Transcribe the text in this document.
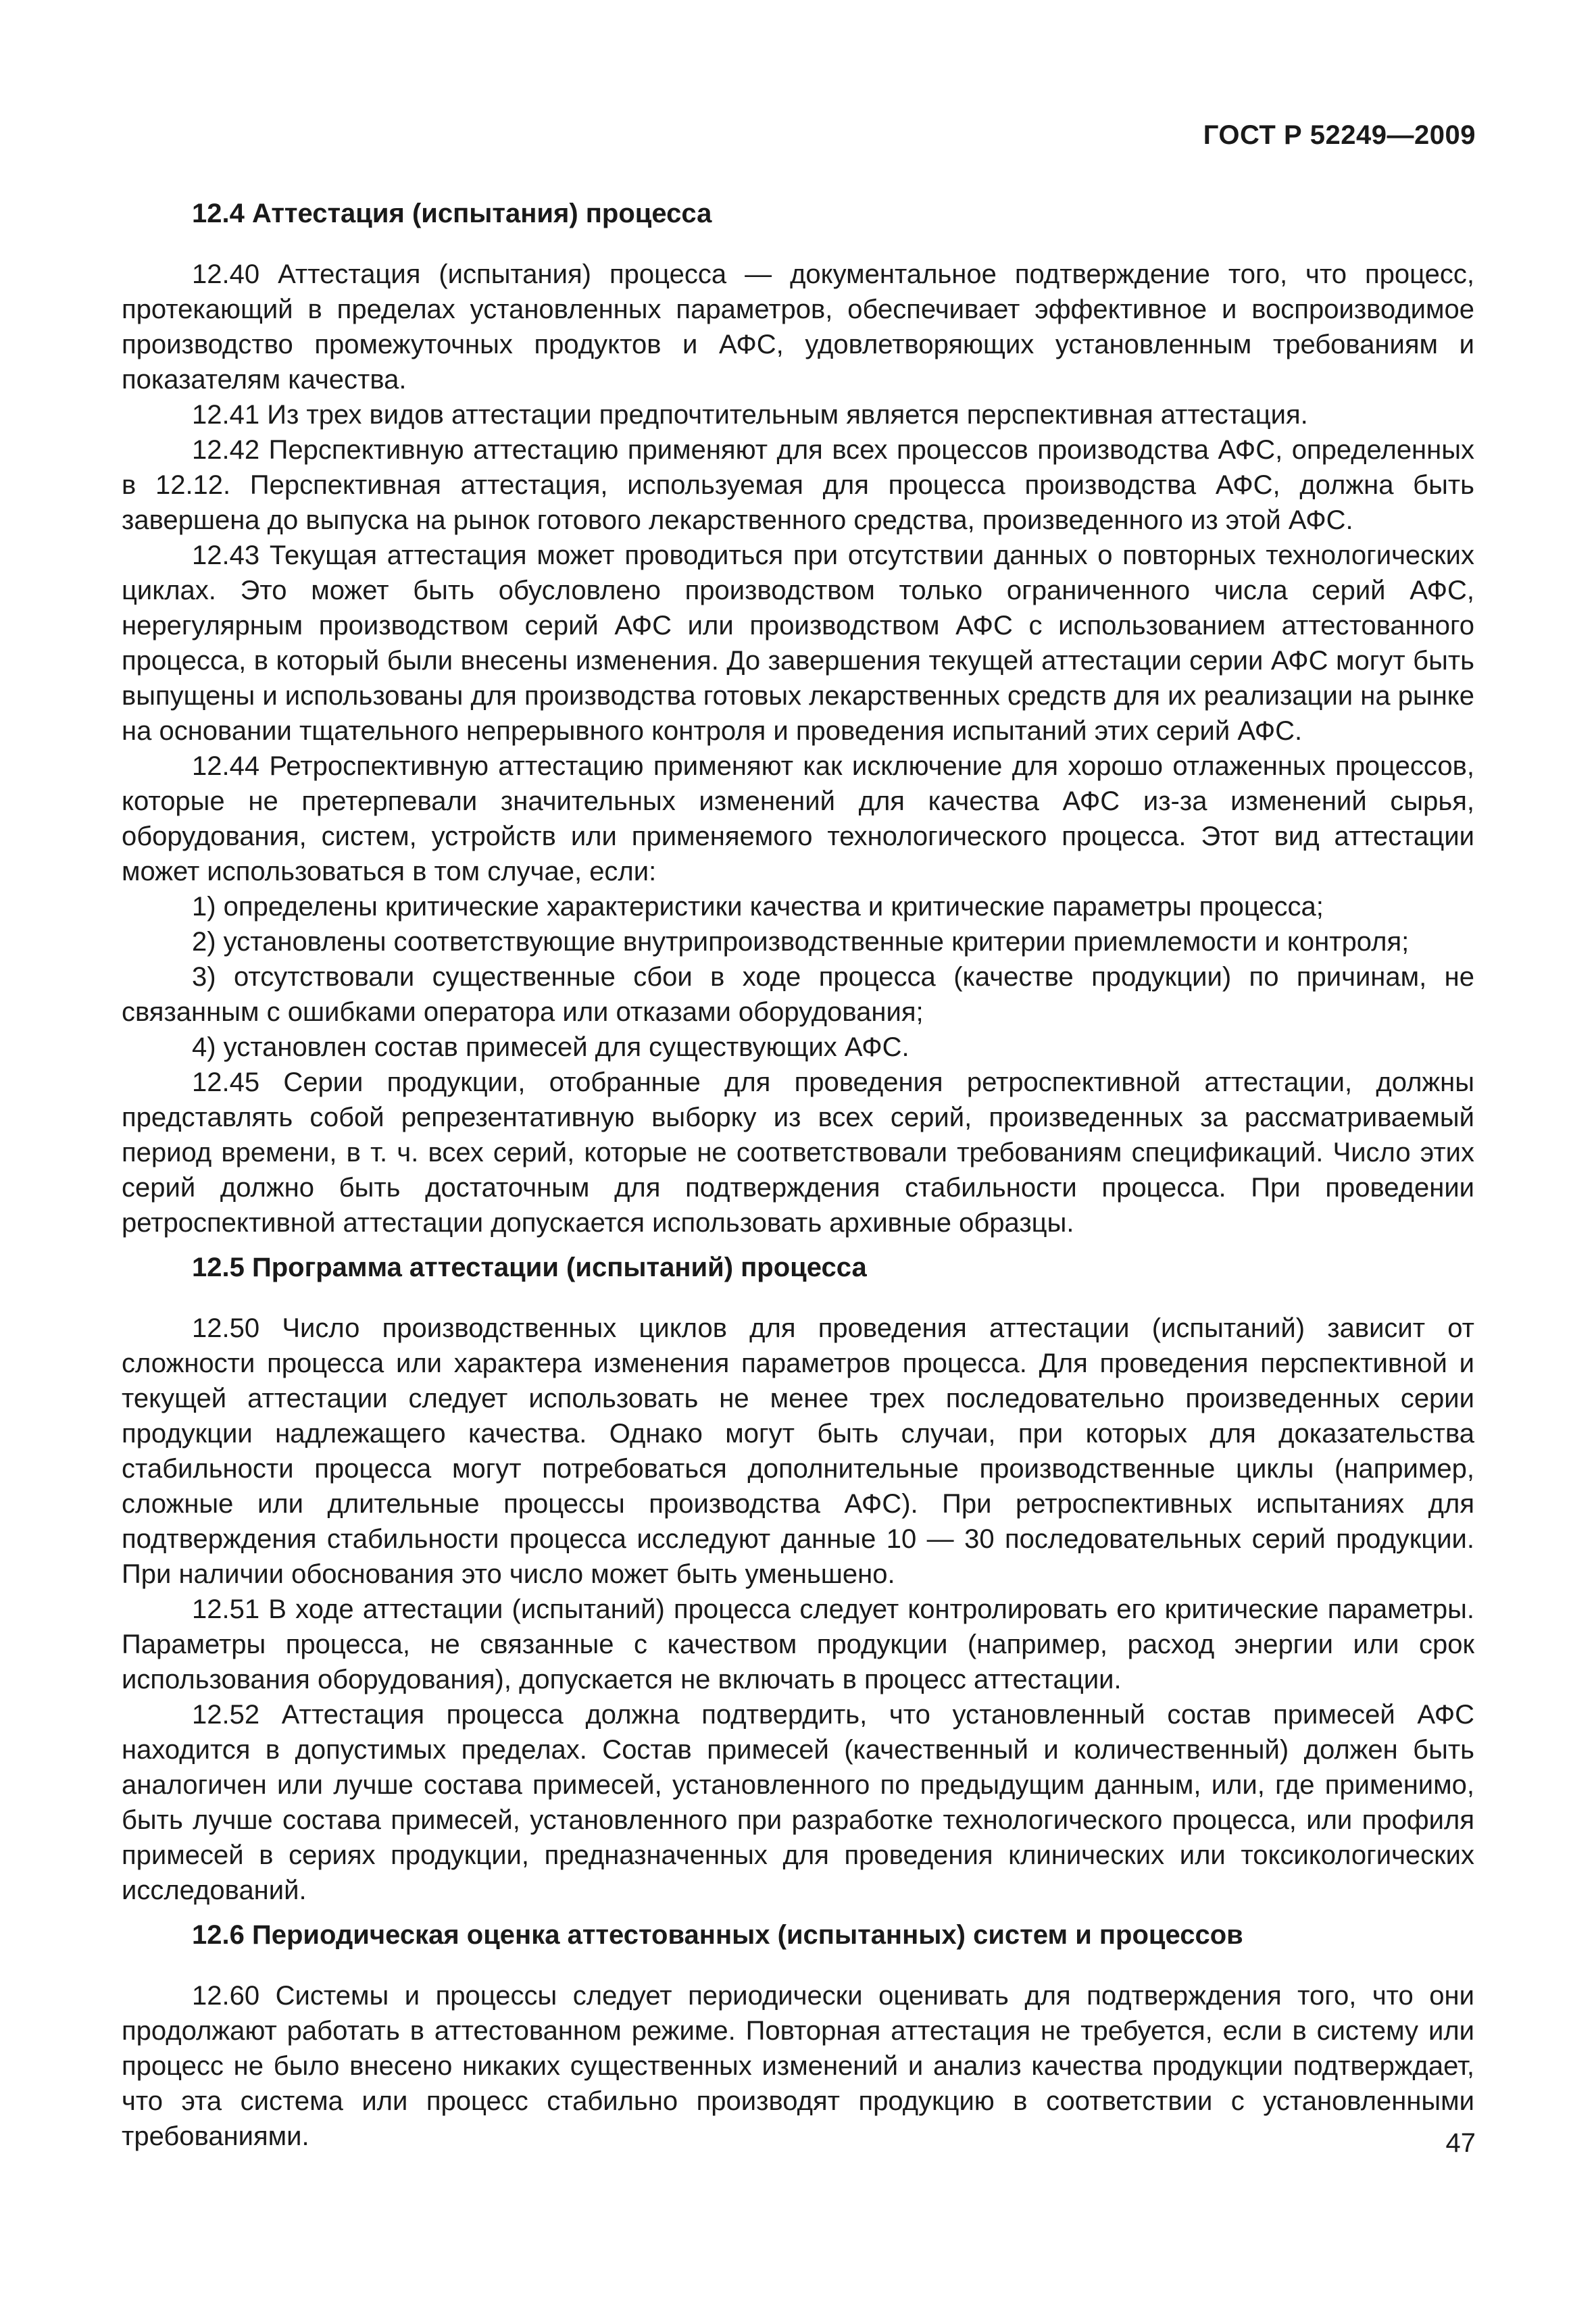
ГОСТ Р 52249—2009
12.4 Аттестация (испытания) процесса

12.40 Аттестация (испытания) процесса — документальное подтверждение того, что процесс, протекающий в пределах установленных параметров, обеспечивает эффективное и воспроизводимое производство промежуточных продуктов и АФС, удовлетворяющих установленным требованиям и показателям качества.

12.41 Из трех видов аттестации предпочтительным является перспективная аттестация.

12.42 Перспективную аттестацию применяют для всех процессов производства АФС, определенных в 12.12. Перспективная аттестация, используемая для процесса производства АФС, должна быть завершена до выпуска на рынок готового лекарственного средства, произведенного из этой АФС.

12.43 Текущая аттестация может проводиться при отсутствии данных о повторных технологических циклах. Это может быть обусловлено производством только ограниченного числа серий АФС, нерегулярным производством серий АФС или производством АФС с использованием аттестованного процесса, в который были внесены изменения. До завершения текущей аттестации серии АФС могут быть выпущены и использованы для производства готовых лекарственных средств для их реализации на рынке на основании тщательного непрерывного контроля и проведения испытаний этих серий АФС.

12.44 Ретроспективную аттестацию применяют как исключение для хорошо отлаженных процессов, которые не претерпевали значительных изменений для качества АФС из-за изменений сырья, оборудования, систем, устройств или применяемого технологического процесса. Этот вид аттестации может использоваться в том случае, если:

1) определены критические характеристики качества и критические параметры процесса;

2) установлены соответствующие внутрипроизводственные критерии приемлемости и контроля;

3) отсутствовали существенные сбои в ходе процесса (качестве продукции) по причинам, не связанным с ошибками оператора или отказами оборудования;

4) установлен состав примесей для существующих АФС.

12.45 Серии продукции, отобранные для проведения ретроспективной аттестации, должны представлять собой репрезентативную выборку из всех серий, произведенных за рассматриваемый период времени, в т. ч. всех серий, которые не соответствовали требованиям спецификаций. Число этих серий должно быть достаточным для подтверждения стабильности процесса. При проведении ретроспективной аттестации допускается использовать архивные образцы.

12.5 Программа аттестации (испытаний) процесса

12.50 Число производственных циклов для проведения аттестации (испытаний) зависит от сложности процесса или характера изменения параметров процесса. Для проведения перспективной и текущей аттестации следует использовать не менее трех последовательно произведенных серии продукции надлежащего качества. Однако могут быть случаи, при которых для доказательства стабильности процесса могут потребоваться дополнительные производственные циклы (например, сложные или длительные процессы производства АФС). При ретроспективных испытаниях для подтверждения стабильности процесса исследуют данные 10 — 30 последовательных серий продукции. При наличии обоснования это число может быть уменьшено.

12.51 В ходе аттестации (испытаний) процесса следует контролировать его критические параметры. Параметры процесса, не связанные с качеством продукции (например, расход энергии или срок использования оборудования), допускается не включать в процесс аттестации.

12.52 Аттестация процесса должна подтвердить, что установленный состав примесей АФС находится в допустимых пределах. Состав примесей (качественный и количественный) должен быть аналогичен или лучше состава примесей, установленного по предыдущим данным, или, где применимо, быть лучше состава примесей, установленного при разработке технологического процесса, или профиля примесей в сериях продукции, предназначенных для проведения клинических или токсикологических исследований.

12.6 Периодическая оценка аттестованных (испытанных) систем и процессов

12.60 Системы и процессы следует периодически оценивать для подтверждения того, что они продолжают работать в аттестованном режиме. Повторная аттестация не требуется, если в систему или процесс не было внесено никаких существенных изменений и анализ качества продукции подтверждает, что эта система или процесс стабильно производят продукцию в соответствии с установленными требованиями.	47
